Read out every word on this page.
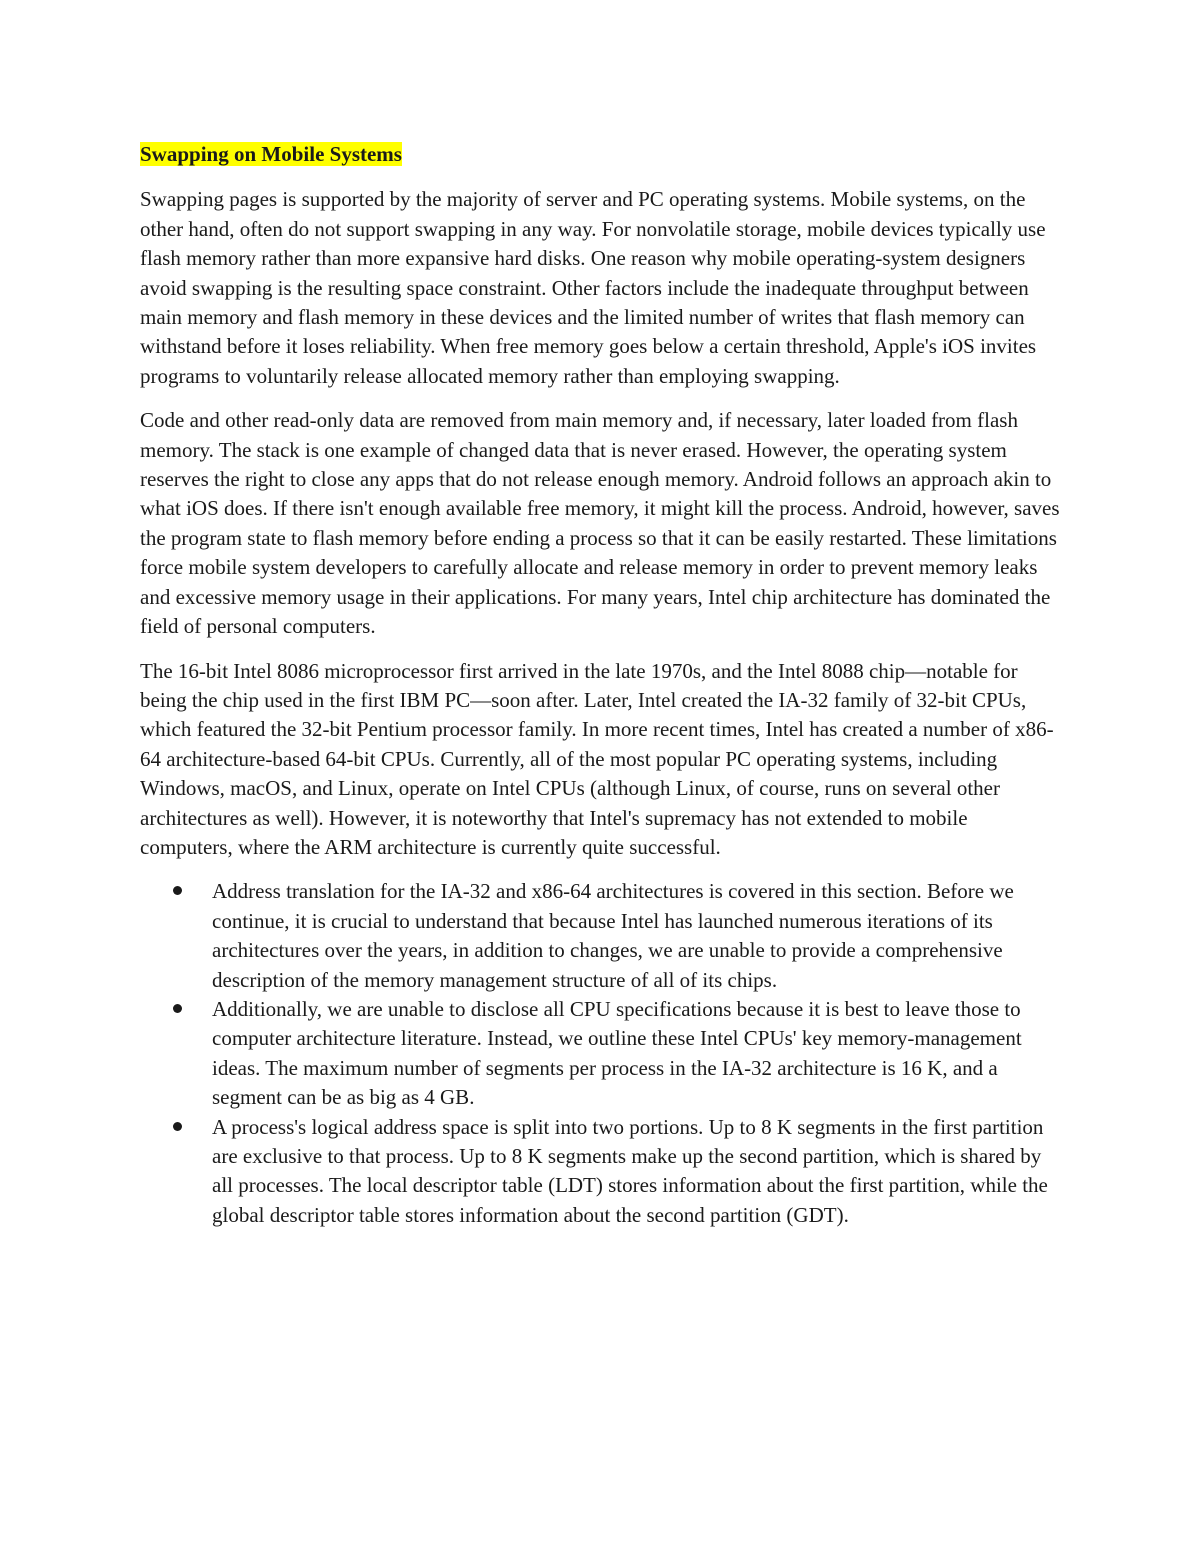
Swapping on Mobile Systems

Swapping pages is supported by the majority of server and PC operating systems. Mobile systems, on the other hand, often do not support swapping in any way. For nonvolatile storage, mobile devices typically use flash memory rather than more expansive hard disks. One reason why mobile operating-system designers avoid swapping is the resulting space constraint. Other factors include the inadequate throughput between main memory and flash memory in these devices and the limited number of writes that flash memory can withstand before it loses reliability. When free memory goes below a certain threshold, Apple's iOS invites programs to voluntarily release allocated memory rather than employing swapping.

Code and other read-only data are removed from main memory and, if necessary, later loaded from flash memory. The stack is one example of changed data that is never erased. However, the operating system reserves the right to close any apps that do not release enough memory. Android follows an approach akin to what iOS does. If there isn't enough available free memory, it might kill the process. Android, however, saves the program state to flash memory before ending a process so that it can be easily restarted. These limitations force mobile system developers to carefully allocate and release memory in order to prevent memory leaks and excessive memory usage in their applications. For many years, Intel chip architecture has dominated the field of personal computers.

The 16-bit Intel 8086 microprocessor first arrived in the late 1970s, and the Intel 8088 chip—notable for being the chip used in the first IBM PC—soon after. Later, Intel created the IA-32 family of 32-bit CPUs, which featured the 32-bit Pentium processor family. In more recent times, Intel has created a number of x86-64 architecture-based 64-bit CPUs. Currently, all of the most popular PC operating systems, including Windows, macOS, and Linux, operate on Intel CPUs (although Linux, of course, runs on several other architectures as well). However, it is noteworthy that Intel's supremacy has not extended to mobile computers, where the ARM architecture is currently quite successful.

Address translation for the IA-32 and x86-64 architectures is covered in this section. Before we continue, it is crucial to understand that because Intel has launched numerous iterations of its architectures over the years, in addition to changes, we are unable to provide a comprehensive description of the memory management structure of all of its chips.
Additionally, we are unable to disclose all CPU specifications because it is best to leave those to computer architecture literature. Instead, we outline these Intel CPUs' key memory-management ideas. The maximum number of segments per process in the IA-32 architecture is 16 K, and a segment can be as big as 4 GB.
A process's logical address space is split into two portions. Up to 8 K segments in the first partition are exclusive to that process. Up to 8 K segments make up the second partition, which is shared by all processes. The local descriptor table (LDT) stores information about the first partition, while the global descriptor table stores information about the second partition (GDT).
